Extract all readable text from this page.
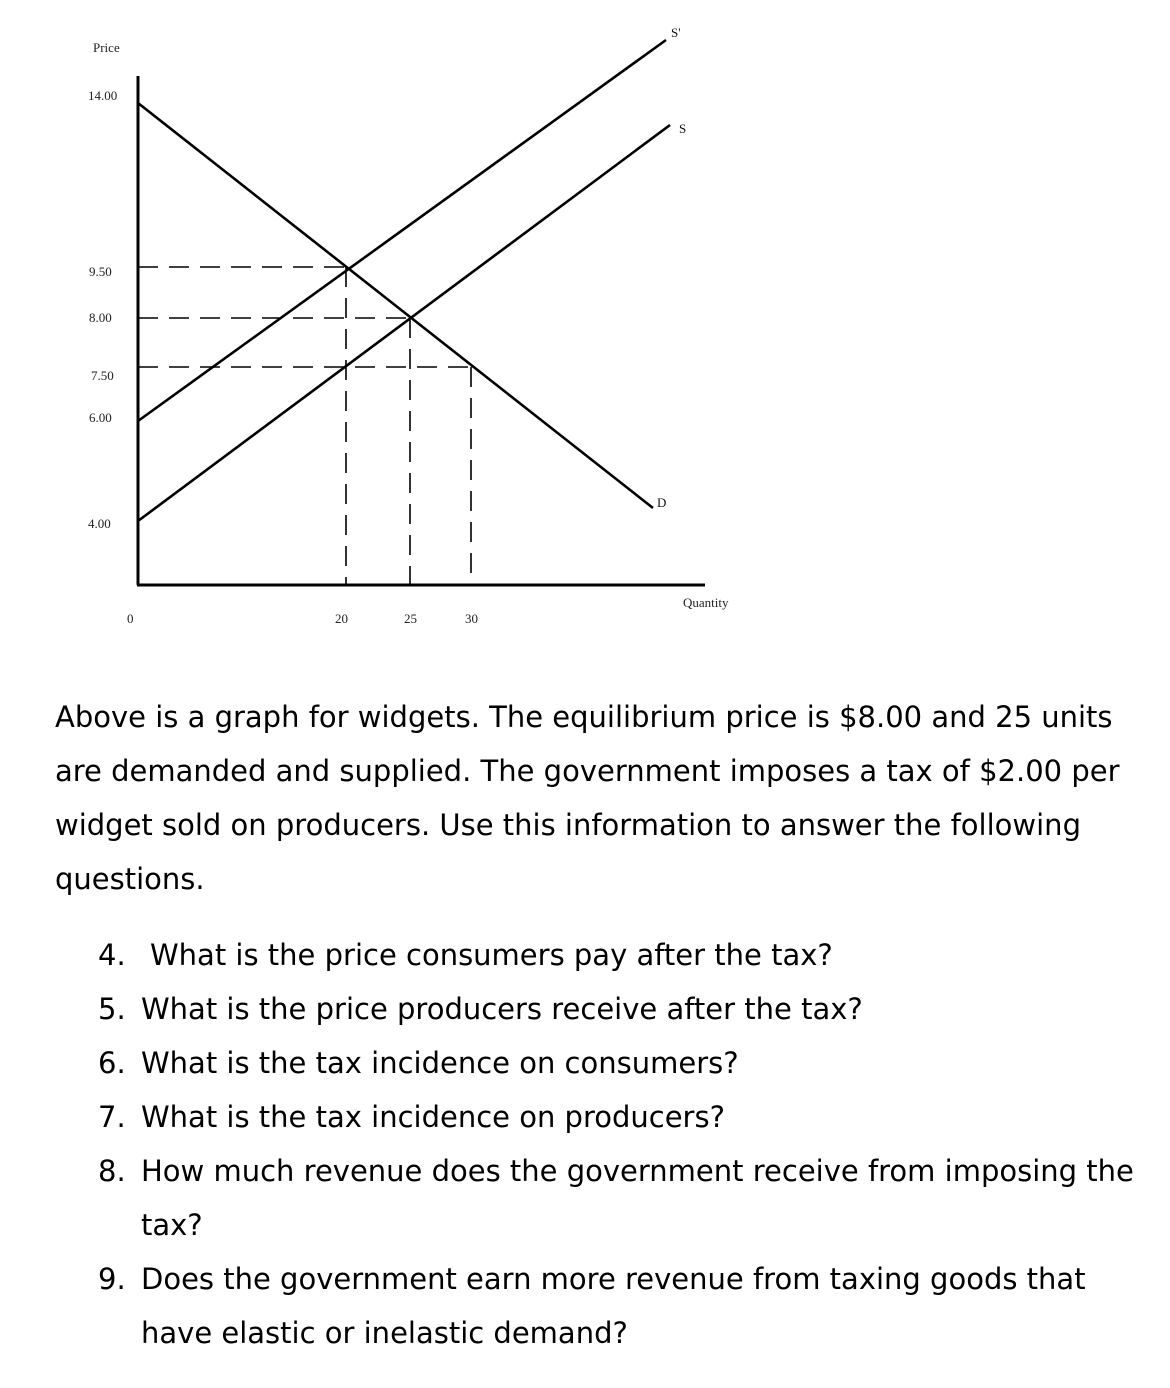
Price
Quantity
14.00
9.50
8.00
7.50
6.00
4.00
0	20	25	30
D
S
S'

Above is a graph for widgets. The equilibrium price is $8.00 and 25 units are demanded and supplied. The government imposes a tax of $2.00 per widget sold on producers. Use this information to answer the following questions.

4. What is the price consumers pay after the tax?
5. What is the price producers receive after the tax?
6. What is the tax incidence on consumers?
7. What is the tax incidence on producers?
8. How much revenue does the government receive from imposing the tax?
9. Does the government earn more revenue from taxing goods that have elastic or inelastic demand?
